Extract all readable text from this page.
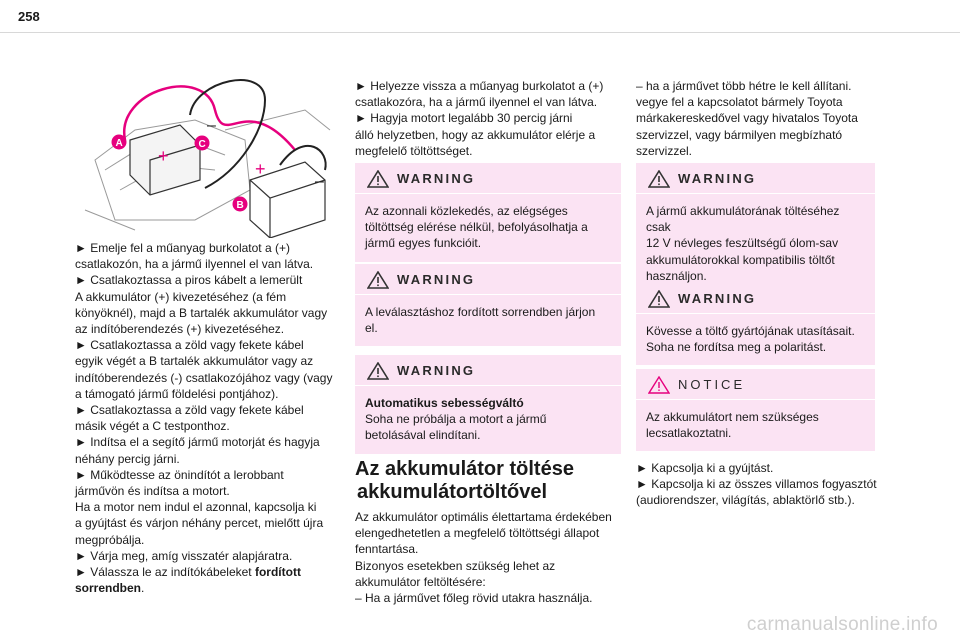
258
+
+
–
–
A	C
B

► Emelje fel a műanyag burkolatot a (+)

csatlakozón, ha a jármű ilyennel el van látva.

► Csatlakoztassa a piros kábelt a lemerült

A akkumulátor (+) kivezetéséhez (a fém

könyöknél), majd a B tartalék akkumulátor vagy

az indítóberendezés (+) kivezetéséhez.

► Csatlakoztassa a zöld vagy fekete kábel

egyik végét a B tartalék akkumulátor vagy az

indítóberendezés (-) csatlakozójához vagy (vagy

a támogató jármű földelési pontjához).

► Csatlakoztassa a zöld vagy fekete kábel

másik végét a C testponthoz.

► Indítsa el a segítő jármű motorját és hagyja

néhány percig járni.

► Működtesse az önindítót a lerobbant

járművön és indítsa a motort.

Ha a motor nem indul el azonnal, kapcsolja ki

a gyújtást és várjon néhány percet, mielőtt újra

megpróbálja.

► Várja meg, amíg visszatér alapjáratra.

► Válassza le az indítókábeleket fordított

sorrendben.

► Helyezze vissza a műanyag burkolatot a (+)

csatlakozóra, ha a jármű ilyennel el van látva.

► Hagyja motort legalább 30 percig járni

álló helyzetben, hogy az akkumulátor elérje a

megfelelő töltöttséget.

WARNING
Az azonnali közlekedés, az elégséges
töltöttség elérése nélkül, befolyásolhatja a
jármű egyes funkcióit.
WARNING
A leválasztáshoz fordított sorrendben járjon
el.
WARNING
Automatikus sebességváltó
Soha ne próbálja a motort a jármű
betolásával elindítani.
Az akkumulátor töltése
akkumulátortöltővel

Az akkumulátor optimális élettartama érdekében

elengedhetetlen a megfelelő töltöttségi állapot

fenntartása.

Bizonyos esetekben szükség lehet az

akkumulátor feltöltésére:

– Ha a járművet főleg rövid utakra használja.

– ha a járművet több hétre le kell állítani.

vegye fel a kapcsolatot bármely Toyota

márkakereskedővel vagy hivatalos Toyota

szervizzel, vagy bármilyen megbízható

szervizzel.

WARNING
A jármű akkumulátorának töltéséhez csak
12 V névleges feszültségű ólom-sav
akkumulátorokkal kompatibilis töltőt
használjon.
WARNING
Kövesse a töltő gyártójának utasításait.
Soha ne fordítsa meg a polaritást.
NOTICE
Az akkumulátort nem szükséges
lecsatlakoztatni.

► Kapcsolja ki a gyújtást.

► Kapcsolja ki az összes villamos fogyasztót

(audiorendszer, világítás, ablaktörlő stb.).

carmanualsonline.info
